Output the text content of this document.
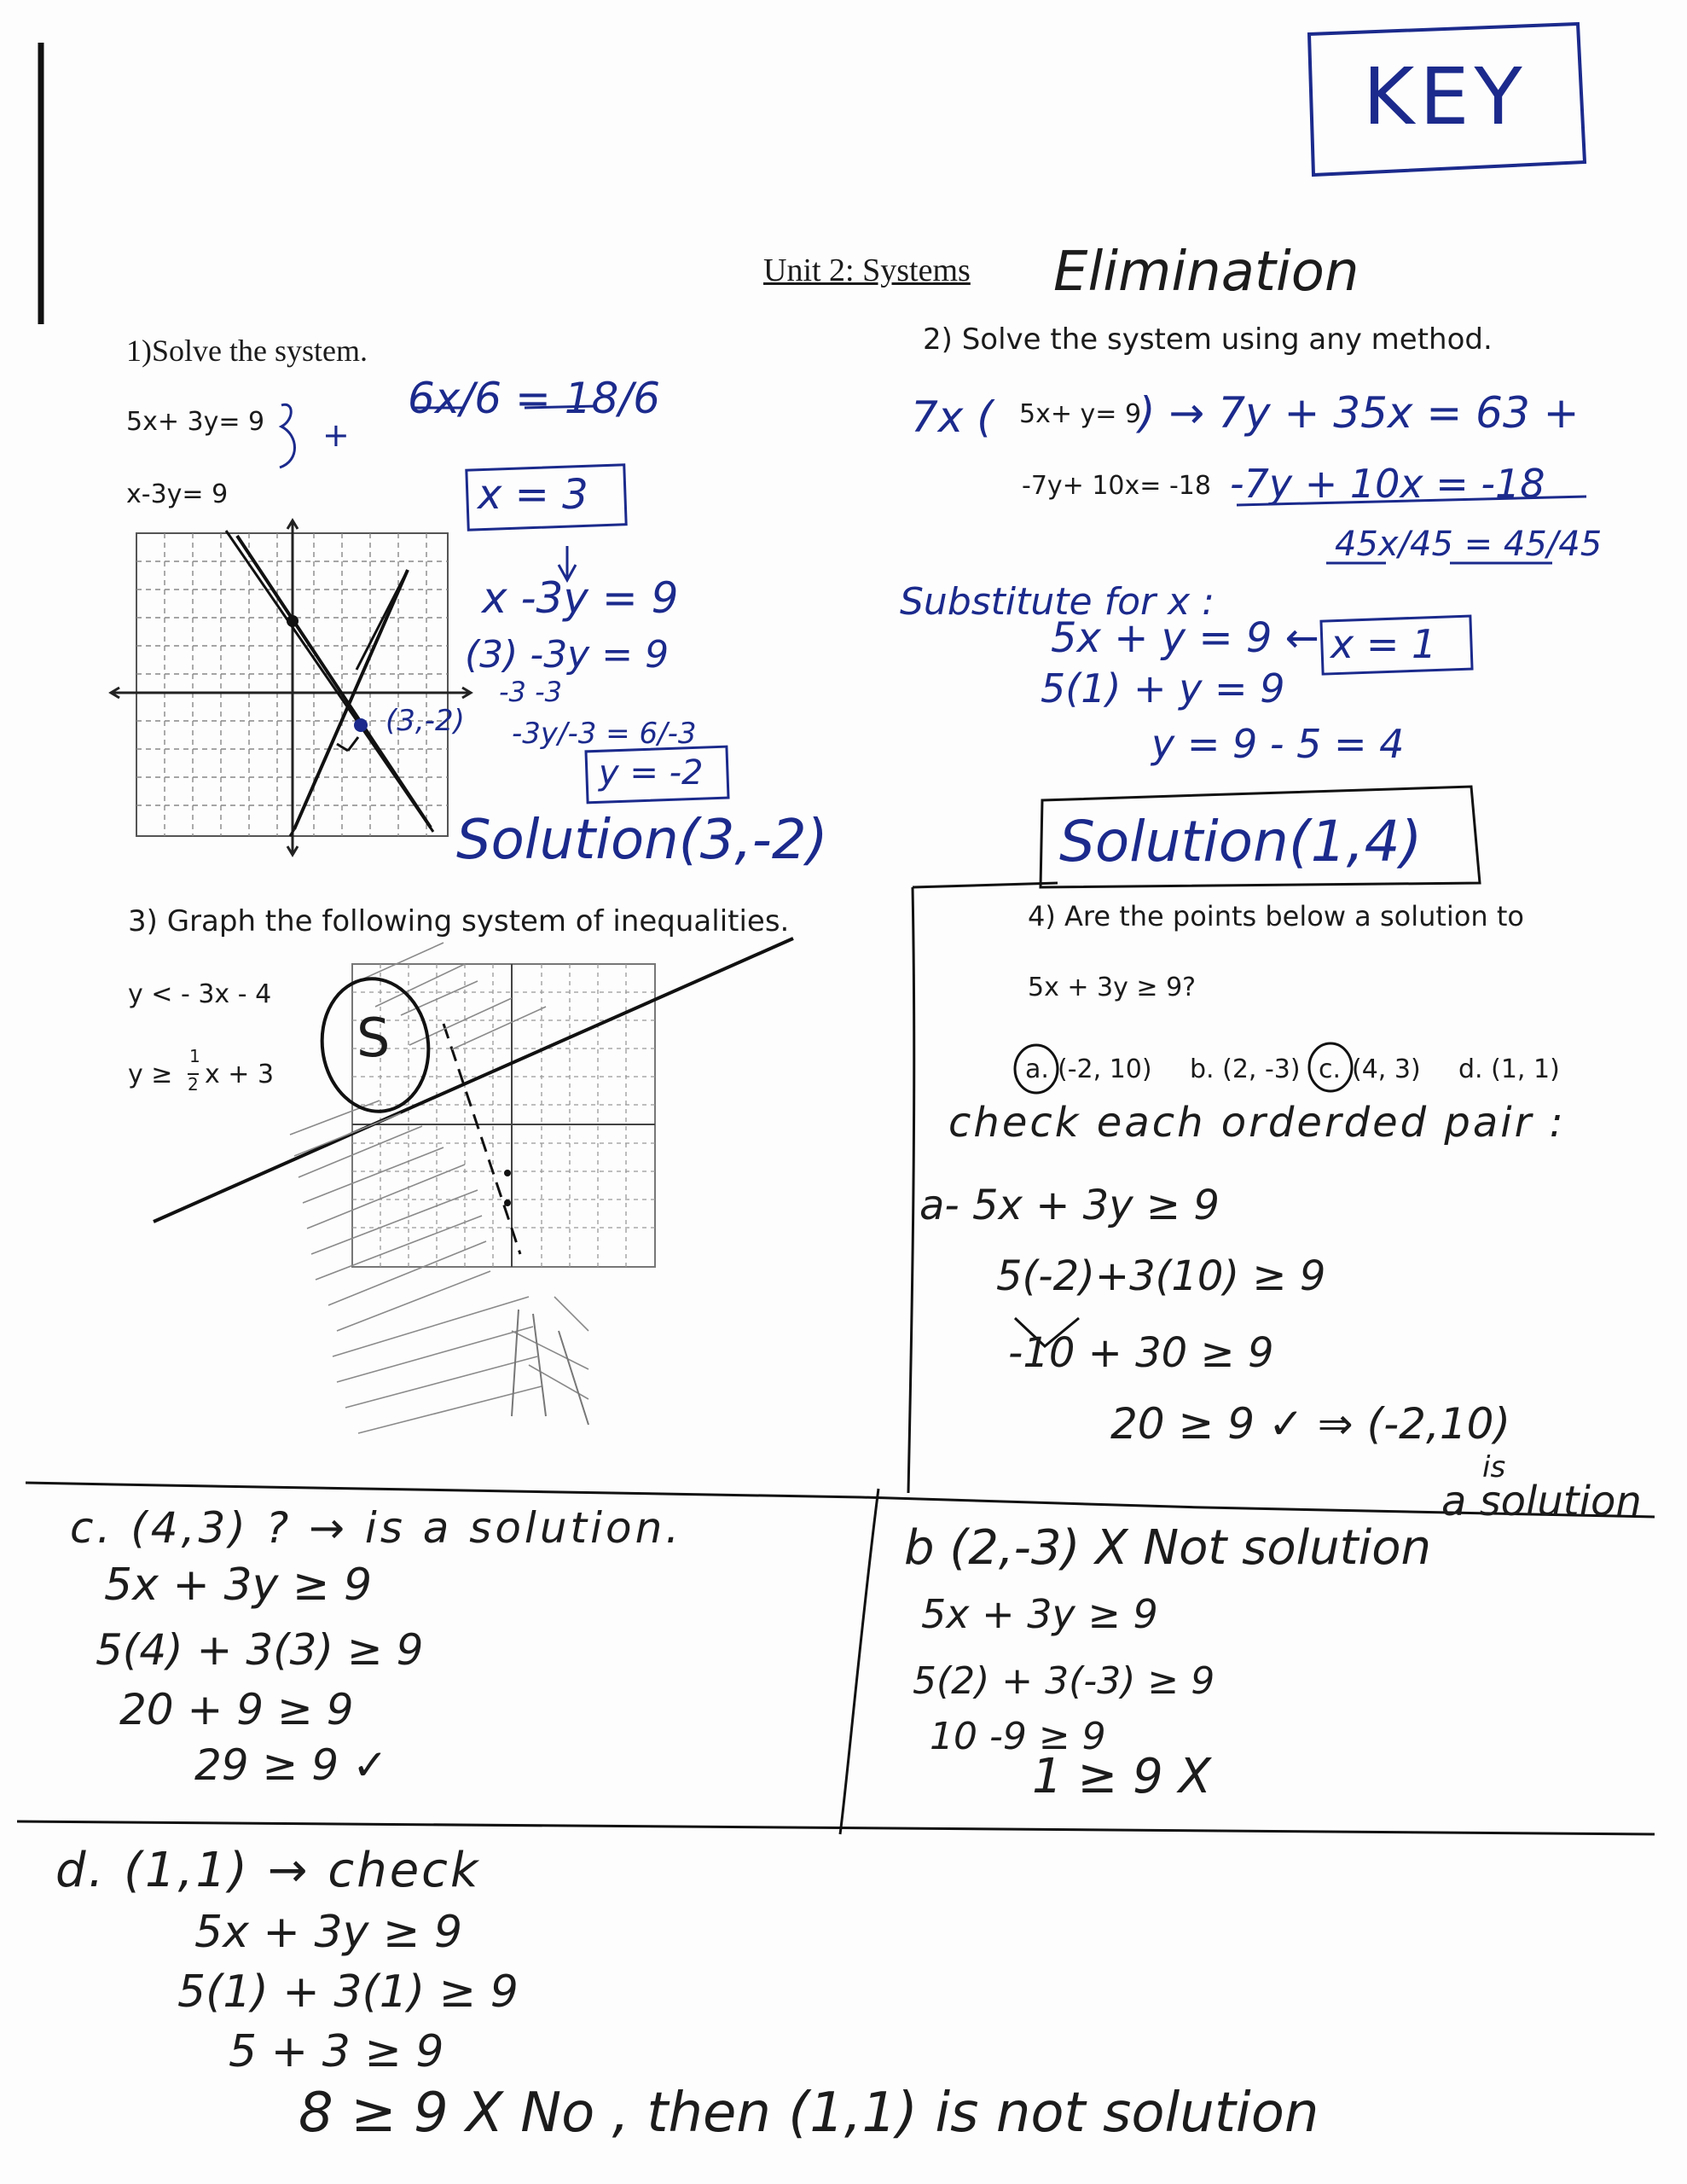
KEY
Unit 2: Systems Elimination
1)Solve the system.
5x+ 3y= 9
x-3y= 9
+
6x/6 = 18/6
x = 3
x -3y = 9
(3) -3y = 9
-3 -3
-3y/-3 = 6/-3
y = -2
(3,-2)
Solution(3,-2)
2) Solve the system using any method.
7x ( 5x+ y= 9
) → 7y + 35x = 63 +
-7y+ 10x= -18 -7y + 10x = -18
45x/45 = 45/45
Substitute for x :
5x + y = 9 ← x = 1
5(1) + y = 9
y = 9 - 5 = 4
Solution(1,4)
3) Graph the following system of inequalities.
y < - 3x - 4
y ≥
1
2 x + 3
S
4) Are the points below a solution to
5x + 3y ≥ 9?
a. (-2, 10) b. (2, -3) c. (4, 3) d. (1, 1)
check each orderded pair :
a- 5x + 3y ≥ 9
5(-2)+3(10) ≥ 9
-10 + 30 ≥ 9
20 ≥ 9 ✓ ⇒ (-2,10)
is
a solution
c. (4,3) ? → is a solution.
5x + 3y ≥ 9
5(4) + 3(3) ≥ 9
20 + 9 ≥ 9
29 ≥ 9 ✓
b (2,-3) X Not solution
5x + 3y ≥ 9
5(2) + 3(-3) ≥ 9
10 -9 ≥ 9
1 ≥ 9 X
d. (1,1) → check
5x + 3y ≥ 9
5(1) + 3(1) ≥ 9
5 + 3 ≥ 9
8 ≥ 9 X No , then (1,1) is not solution
